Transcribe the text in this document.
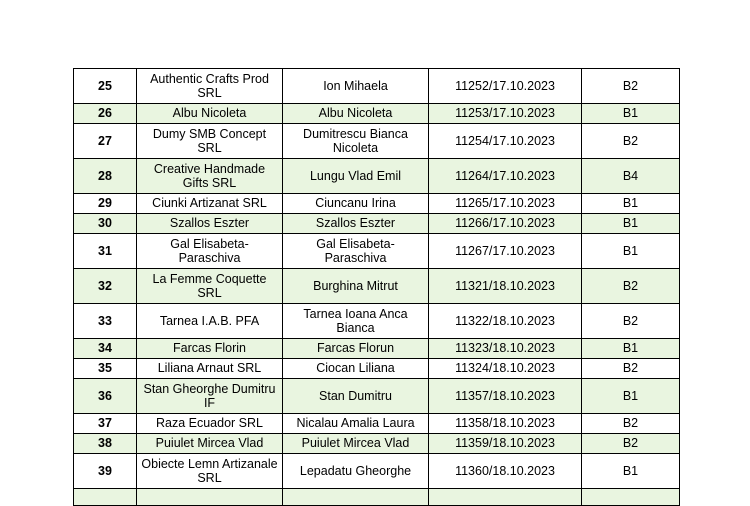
25	Authentic Crafts Prod SRL	Ion Mihaela	11252/17.10.2023	B2
26	Albu Nicoleta	Albu Nicoleta	11253/17.10.2023	B1
27	Dumy SMB Concept SRL	Dumitrescu Bianca Nicoleta	11254/17.10.2023	B2
28	Creative Handmade Gifts SRL	Lungu Vlad Emil	11264/17.10.2023	B4
29	Ciunki Artizanat SRL	Ciuncanu Irina	11265/17.10.2023	B1
30	Szallos Eszter	Szallos Eszter	11266/17.10.2023	B1
31	Gal Elisabeta-Paraschiva	Gal Elisabeta-Paraschiva	11267/17.10.2023	B1
32	La Femme Coquette SRL	Burghina Mitrut	11321/18.10.2023	B2
33	Tarnea I.A.B. PFA	Tarnea Ioana Anca Bianca	11322/18.10.2023	B2
34	Farcas Florin	Farcas Florun	11323/18.10.2023	B1
35	Liliana Arnaut SRL	Ciocan Liliana	11324/18.10.2023	B2
36	Stan Gheorghe Dumitru IF	Stan Dumitru	11357/18.10.2023	B1
37	Raza Ecuador SRL	Nicalau Amalia Laura	11358/18.10.2023	B2
38	Puiulet Mircea Vlad	Puiulet Mircea Vlad	11359/18.10.2023	B2
39	Obiecte Lemn Artizanale SRL	Lepadatu Gheorghe	11360/18.10.2023	B1
